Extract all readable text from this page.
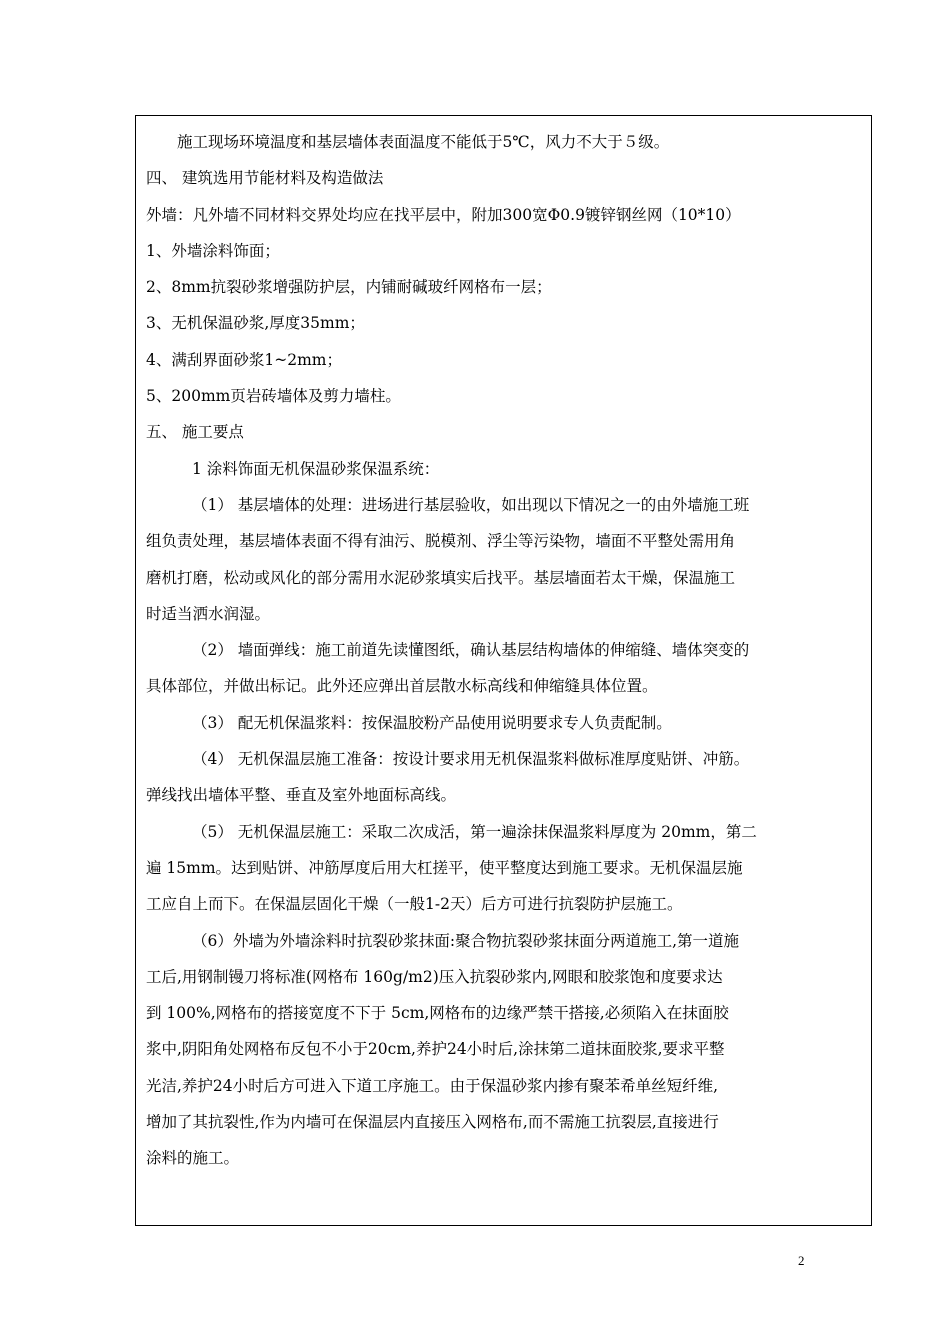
施工现场环境温度和基层墙体表面温度不能低于5℃，风力不大于５级。
四、 建筑选用节能材料及构造做法
外墙：凡外墙不同材料交界处均应在找平层中，附加300宽Φ0.9镀锌钢丝网（10*10）
1、外墙涂料饰面；
2、8mm抗裂砂浆增强防护层，内铺耐碱玻纤网格布一层；
3、无机保温砂浆,厚度35mm；
4、满刮界面砂浆1~2mm；
5、200mm页岩砖墙体及剪力墙柱。
五、 施工要点
1 涂料饰面无机保温砂浆保温系统：
（1） 基层墙体的处理：进场进行基层验收，如出现以下情况之一的由外墙施工班
组负责处理，基层墙体表面不得有油污、脱模剂、浮尘等污染物，墙面不平整处需用角
磨机打磨，松动或风化的部分需用水泥砂浆填实后找平。基层墙面若太干燥，保温施工
时适当洒水润湿。
（2） 墙面弹线：施工前道先读懂图纸，确认基层结构墙体的伸缩缝、墙体突变的
具体部位，并做出标记。此外还应弹出首层散水标高线和伸缩缝具体位置。
（3） 配无机保温浆料：按保温胶粉产品使用说明要求专人负责配制。
（4） 无机保温层施工准备：按设计要求用无机保温浆料做标准厚度贴饼、冲筋。
弹线找出墙体平整、垂直及室外地面标高线。
（5） 无机保温层施工：采取二次成活，第一遍涂抹保温浆料厚度为 20mm，第二
遍 15mm。达到贴饼、冲筋厚度后用大杠搓平，使平整度达到施工要求。无机保温层施
工应自上而下。在保温层固化干燥（一般1-2天）后方可进行抗裂防护层施工。
（6）外墙为外墙涂料时抗裂砂浆抹面:聚合物抗裂砂浆抹面分两道施工,第一道施
工后,用钢制镘刀将标准(网格布 160g/m2)压入抗裂砂浆内,网眼和胶浆饱和度要求达
到 100%,网格布的搭接宽度不下于 5cm,网格布的边缘严禁干搭接,必须陷入在抹面胶
浆中,阴阳角处网格布反包不小于20cm,养护24小时后,涂抹第二道抹面胶浆,要求平整
光洁,养护24小时后方可进入下道工序施工。由于保温砂浆内掺有聚苯希单丝短纤维,
增加了其抗裂性,作为内墙可在保温层内直接压入网格布,而不需施工抗裂层,直接进行
涂料的施工。
2
